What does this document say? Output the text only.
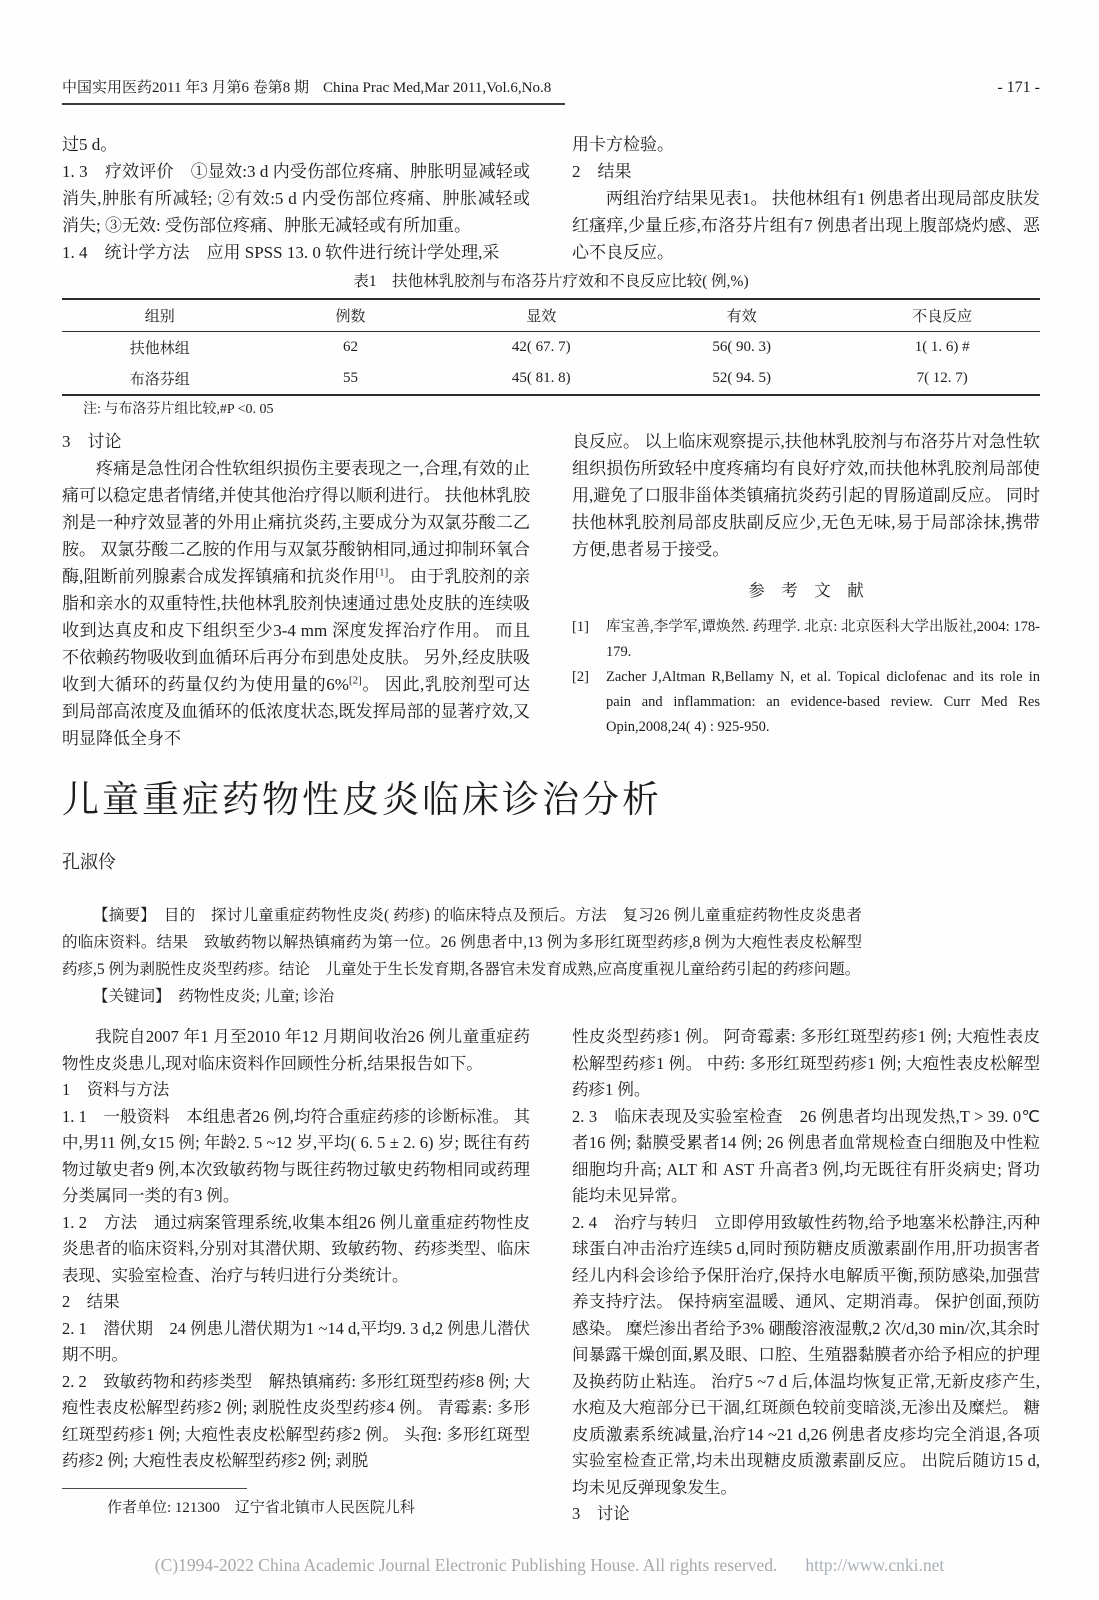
中国实用医药2011 年3 月第6 卷第8 期 China Prac Med,Mar 2011,Vol.6,No.8	- 171 -

过5 d。

1. 3　疗效评价　①显效:3 d 内受伤部位疼痛、肿胀明显减轻或消失,肿胀有所减轻; ②有效:5 d 内受伤部位疼痛、肿胀减轻或消失; ③无效: 受伤部位疼痛、肿胀无减轻或有所加重。

1. 4　统计学方法　应用 SPSS 13. 0 软件进行统计学处理,采

用卡方检验。

2　结果

两组治疗结果见表1。 扶他林组有1 例患者出现局部皮肤发红瘙痒,少量丘疹,布洛芬片组有7 例患者出现上腹部烧灼感、恶心不良反应。

表1　扶他林乳胶剂与布洛芬片疗效和不良反应比较( 例,%)

组别	例数	显效	有效	不良反应
扶他林组	62	42( 67. 7)	56( 90. 3)	1( 1. 6) #
布洛芬组	55	45( 81. 8)	52( 94. 5)	7( 12. 7)

注: 与布洛芬片组比较,#P <0. 05

3　讨论

疼痛是急性闭合性软组织损伤主要表现之一,合理,有效的止痛可以稳定患者情绪,并使其他治疗得以顺利进行。 扶他林乳胶剂是一种疗效显著的外用止痛抗炎药,主要成分为双氯芬酸二乙胺。 双氯芬酸二乙胺的作用与双氯芬酸钠相同,通过抑制环氧合酶,阻断前列腺素合成发挥镇痛和抗炎作用[1]。 由于乳胶剂的亲脂和亲水的双重特性,扶他林乳胶剂快速通过患处皮肤的连续吸收到达真皮和皮下组织至少3-4 mm 深度发挥治疗作用。 而且不依赖药物吸收到血循环后再分布到患处皮肤。 另外,经皮肤吸收到大循环的药量仅约为使用量的6%[2]。 因此,乳胶剂型可达到局部高浓度及血循环的低浓度状态,既发挥局部的显著疗效,又明显降低全身不

良反应。 以上临床观察提示,扶他林乳胶剂与布洛芬片对急性软组织损伤所致轻中度疼痛均有良好疗效,而扶他林乳胶剂局部使用,避免了口服非甾体类镇痛抗炎药引起的胃肠道副反应。 同时扶他林乳胶剂局部皮肤副反应少,无色无味,易于局部涂抹,携带方便,患者易于接受。

参　考　文　献

[1]	库宝善,李学军,谭焕然. 药理学. 北京: 北京医科大学出版社,2004: 178-179.
[2]	Zacher J,Altman R,Bellamy N, et al. Topical diclofenac and its role in pain and inflammation: an evidence-based review. Curr Med Res Opin,2008,24( 4) : 925-950.
儿童重症药物性皮炎临床诊治分析

孔淑伶

【摘要】　目的　探讨儿童重症药物性皮炎( 药疹) 的临床特点及预后。方法　复习26 例儿童重症药物性皮炎患者的临床资料。结果　致敏药物以解热镇痛药为第一位。26 例患者中,13 例为多形红斑型药疹,8 例为大疱性表皮松解型药疹,5 例为剥脱性皮炎型药疹。结论　儿童处于生长发育期,各器官未发育成熟,应高度重视儿童给药引起的药疹问题。

【关键词】　药物性皮炎; 儿童; 诊治

我院自2007 年1 月至2010 年12 月期间收治26 例儿童重症药物性皮炎患儿,现对临床资料作回顾性分析,结果报告如下。

1　资料与方法

1. 1　一般资料　本组患者26 例,均符合重症药疹的诊断标准。 其中,男11 例,女15 例; 年龄2. 5 ~12 岁,平均( 6. 5 ± 2. 6) 岁; 既往有药物过敏史者9 例,本次致敏药物与既往药物过敏史药物相同或药理分类属同一类的有3 例。

1. 2　方法　通过病案管理系统,收集本组26 例儿童重症药物性皮炎患者的临床资料,分别对其潜伏期、致敏药物、药疹类型、临床表现、实验室检查、治疗与转归进行分类统计。

2　结果

2. 1　潜伏期　24 例患儿潜伏期为1 ~14 d,平均9. 3 d,2 例患儿潜伏期不明。

2. 2　致敏药物和药疹类型　解热镇痛药: 多形红斑型药疹8 例; 大疱性表皮松解型药疹2 例; 剥脱性皮炎型药疹4 例。 青霉素: 多形红斑型药疹1 例; 大疱性表皮松解型药疹2 例。 头孢: 多形红斑型药疹2 例; 大疱性表皮松解型药疹2 例; 剥脱

作者单位: 121300　辽宁省北镇市人民医院儿科

性皮炎型药疹1 例。 阿奇霉素: 多形红斑型药疹1 例; 大疱性表皮松解型药疹1 例。 中药: 多形红斑型药疹1 例; 大疱性表皮松解型药疹1 例。

2. 3　临床表现及实验室检查　26 例患者均出现发热,T > 39. 0℃者16 例; 黏膜受累者14 例; 26 例患者血常规检查白细胞及中性粒细胞均升高; ALT 和 AST 升高者3 例,均无既往有肝炎病史; 肾功能均未见异常。

2. 4　治疗与转归　立即停用致敏性药物,给予地塞米松静注,丙种球蛋白冲击治疗连续5 d,同时预防糖皮质激素副作用,肝功损害者经儿内科会诊给予保肝治疗,保持水电解质平衡,预防感染,加强营养支持疗法。 保持病室温暖、通风、定期消毒。 保护创面,预防感染。 糜烂渗出者给予3% 硼酸溶液湿敷,2 次/d,30 min/次,其余时间暴露干燥创面,累及眼、口腔、生殖器黏膜者亦给予相应的护理及换药防止粘连。 治疗5 ~7 d 后,体温均恢复正常,无新皮疹产生,水疱及大疱部分已干涸,红斑颜色较前变暗淡,无渗出及糜烂。 糖皮质激素系统减量,治疗14 ~21 d,26 例患者皮疹均完全消退,各项实验室检查正常,均未出现糖皮质激素副反应。 出院后随访15 d,均未见反弹现象发生。

3　讨论

(C)1994-2022 China Academic Journal Electronic Publishing House. All rights reserved. http://www.cnki.net
